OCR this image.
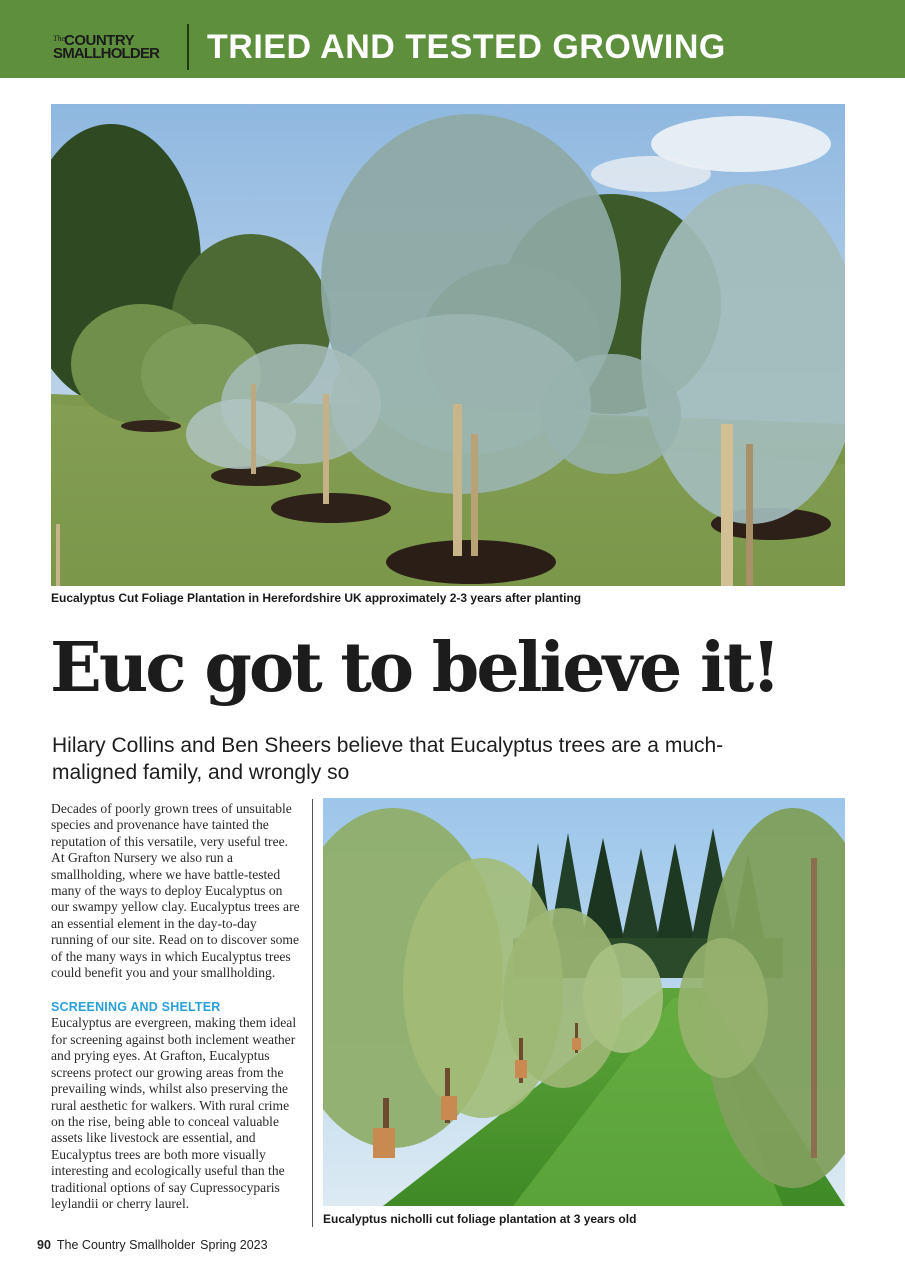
The COUNTRY
SMALLHOLDER	TRIED AND TESTED GROWING
Eucalyptus Cut Foliage Plantation in Herefordshire UK approximately 2-3 years after planting
Euc got to believe it!
Hilary Collins and Ben Sheers believe that Eucalyptus trees are a much-maligned family, and wrongly so

Decades of poorly grown trees of unsuitable species and provenance have tainted the reputation of this versatile, very useful tree. At Grafton Nursery we also run a smallholding, where we have battle-tested many of the ways to deploy Eucalyptus on our swampy yellow clay. Eucalyptus trees are an essential element in the day-to-day running of our site. Read on to discover some of the many ways in which Eucalyptus trees could benefit you and your smallholding.

SCREENING AND SHELTER

Eucalyptus are evergreen, making them ideal for screening against both inclement weather and prying eyes. At Grafton, Eucalyptus screens protect our growing areas from the prevailing winds, whilst also preserving the rural aesthetic for walkers. With rural crime on the rise, being able to conceal valuable assets like livestock are essential, and Eucalyptus trees are both more visually interesting and ecologically useful than the traditional options of say Cupressocyparis leylandii or cherry laurel.

Eucalyptus nicholli cut foliage plantation at 3 years old
90 The Country Smallholder Spring 2023
